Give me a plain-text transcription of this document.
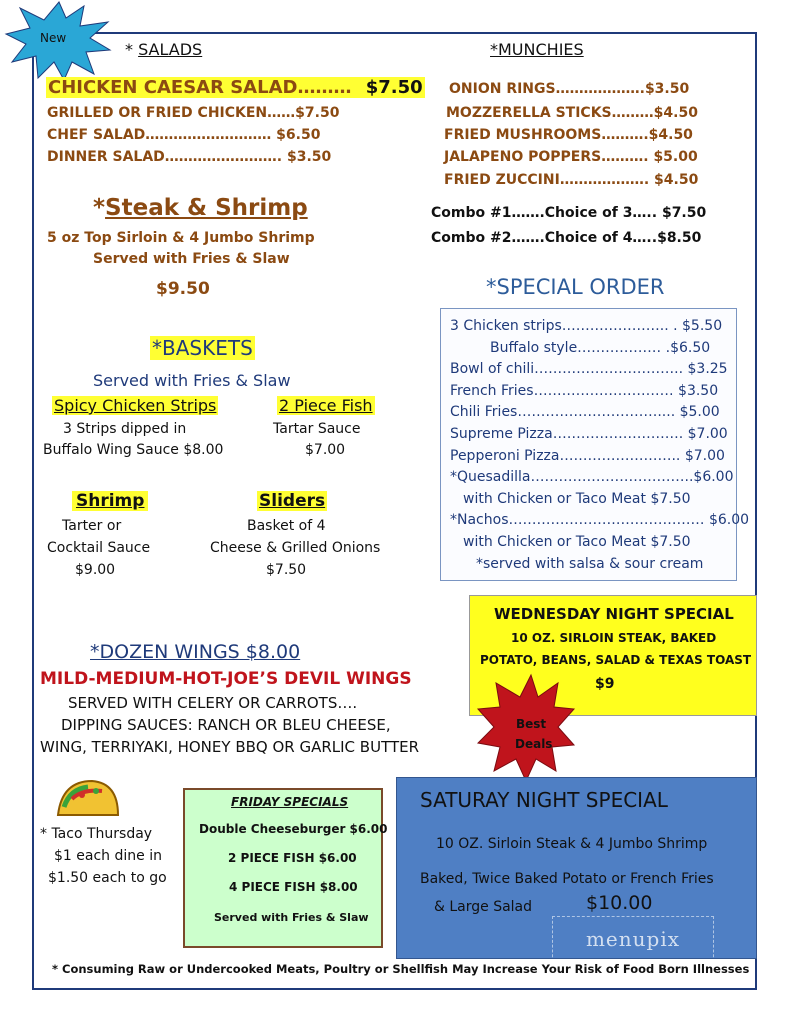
New
* SALADS
CHICKEN CAESAR SALAD……… $7.50
GRILLED OR FRIED CHICKEN……$7.50
CHEF SALAD……………………… $6.50
DINNER SALAD……………………. $3.50
*MUNCHIES
ONION RINGS……………….$3.50
MOZZERELLA STICKS………$4.50
FRIED MUSHROOMS……….$4.50
JALAPENO POPPERS………. $5.00
FRIED ZUCCINI………………. $4.50
Combo #1…….Choice of 3….. $7.50
Combo #2…….Choice of 4…..$8.50
*Steak & Shrimp
5 oz Top Sirloin & 4 Jumbo Shrimp
Served with Fries & Slaw
$9.50
*BASKETS
Served with Fries & Slaw
Spicy Chicken Strips
3 Strips dipped in
Buffalo Wing Sauce $8.00
2 Piece Fish
Tartar Sauce
$7.00
Shrimp
Tarter or
Cocktail Sauce
$9.00
Sliders
Basket of 4
Cheese & Grilled Onions
$7.50
*SPECIAL ORDER
3 Chicken strips………………….. . $5.50
Buffalo style……………… .$6.50
Bowl of chili………………………….. $3.25
French Fries………………………… $3.50
Chili Fries………………………….... $5.00
Supreme Pizza………………………. $7.00
Pepperoni Pizza…………………….. $7.00
*Quesadilla……………………………..$6.00
with Chicken or Taco Meat $7.50
*Nachos…………………………………… $6.00
with Chicken or Taco Meat $7.50
*served with salsa & sour cream
WEDNESDAY NIGHT SPECIAL
10 OZ. SIRLOIN STEAK, BAKED
POTATO, BEANS, SALAD & TEXAS TOAST
$9
Best
Deals
*DOZEN WINGS $8.00
MILD-MEDIUM-HOT-JOE’S DEVIL WINGS
SERVED WITH CELERY OR CARROTS….
DIPPING SAUCES: RANCH OR BLEU CHEESE,
WING, TERRIYAKI, HONEY BBQ OR GARLIC BUTTER
* Taco Thursday
$1 each dine in
$1.50 each to go
FRIDAY SPECIALS
Double Cheeseburger $6.00
2 PIECE FISH $6.00
4 PIECE FISH $8.00
Served with Fries & Slaw
SATURAY NIGHT SPECIAL
10 OZ. Sirloin Steak & 4 Jumbo Shrimp
Baked, Twice Baked Potato or French Fries
& Large Salad	$10.00
menupix
* Consuming Raw or Undercooked Meats, Poultry or Shellfish May Increase Your Risk of Food Born Illnesses
